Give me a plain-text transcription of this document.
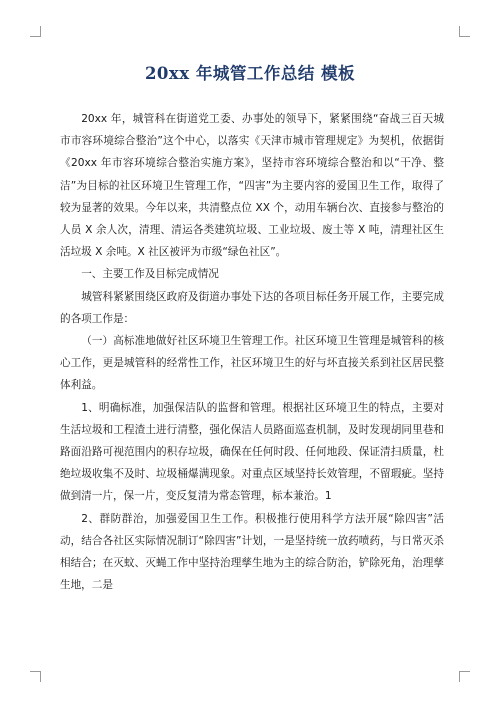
20xx 年城管工作总结 模板

20xx 年，城管科在街道党工委、办事处的领导下，紧紧围绕“奋战三百天城市市容环境综合整治”这个中心，以落实《天津市城市管理规定》为契机，依据街《20xx 年市容环境综合整治实施方案》，坚持市容环境综合整治和以“干净、整洁”为目标的社区环境卫生管理工作，“四害”为主要内容的爱国卫生工作，取得了较为显著的效果。今年以来，共清整点位 XX 个，动用车辆台次、直接参与整治的人员 X 余人次，清理、清运各类建筑垃圾、工业垃圾、废土等 X 吨，清理社区生活垃圾 X 余吨。X 社区被评为市级“绿色社区”。

一、主要工作及目标完成情况

城管科紧紧围绕区政府及街道办事处下达的各项目标任务开展工作，主要完成的各项工作是：

（一）高标准地做好社区环境卫生管理工作。社区环境卫生管理是城管科的核心工作，更是城管科的经常性工作，社区环境卫生的好与坏直接关系到社区居民整体利益。

1、明确标准，加强保洁队的监督和管理。根据社区环境卫生的特点，主要对生活垃圾和工程渣土进行清整，强化保洁人员路面巡查机制，及时发现胡同里巷和路面沿路可视范围内的积存垃圾，确保在任何时段、任何地段、保证清扫质量，杜绝垃圾收集不及时、垃圾桶爆满现象。对重点区域坚持长效管理，不留瑕疵。坚持做到清一片，保一片，变反复清为常态管理，标本兼治。1

2、群防群治，加强爱国卫生工作。积极推行使用科学方法开展“除四害”活动，结合各社区实际情况制订“除四害”计划，一是坚持统一放药喷药，与日常灭杀相结合；在灭蚊、灭蝇工作中坚持治理孳生地为主的综合防治，铲除死角，治理孳生地，二是
